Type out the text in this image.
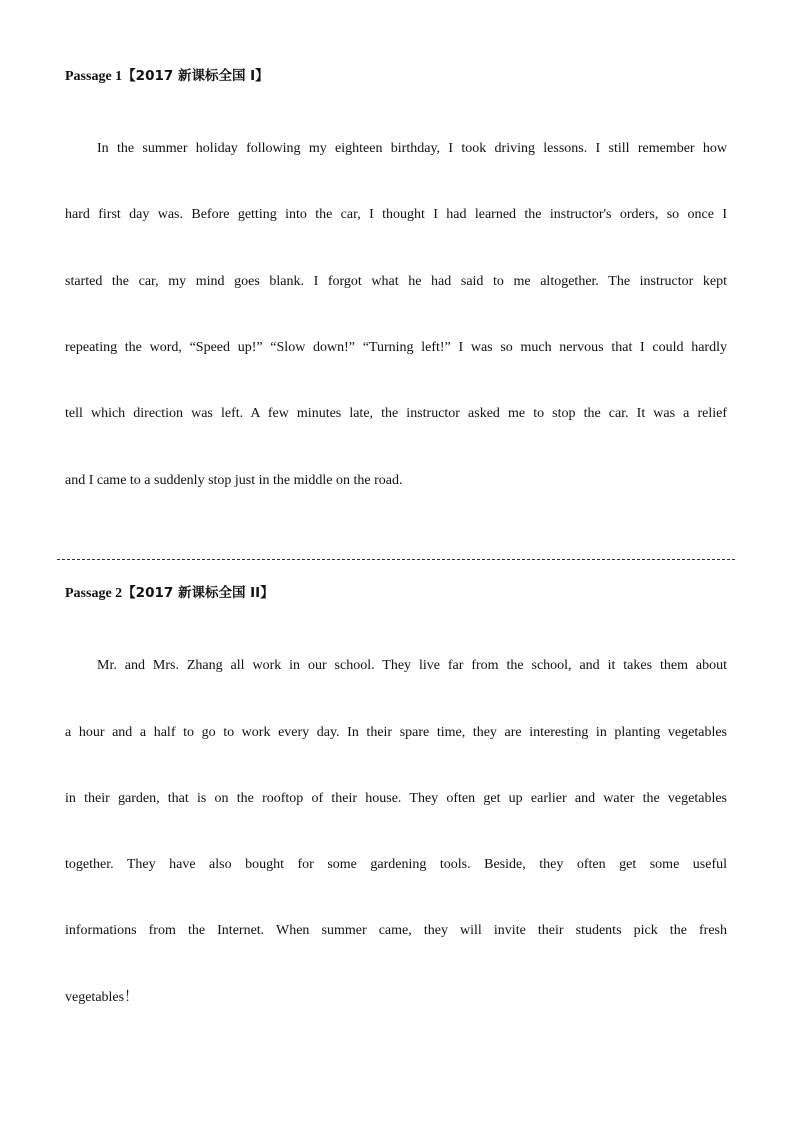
Passage 1【2017 新课标全国 I】
In the summer holiday following my eighteen birthday, I took driving lessons. I still remember how
hard first day was. Before getting into the car, I thought I had learned the instructor's orders, so once I
started the car, my mind goes blank. I forgot what he had said to me altogether. The instructor kept
repeating the word, “Speed up!” “Slow down!” “Turning left!” I was so much nervous that I could hardly
tell which direction was left. A few minutes late, the instructor asked me to stop the car. It was a relief
and I came to a suddenly stop just in the middle on the road.
Passage 2【2017 新课标全国 II】
Mr. and Mrs. Zhang all work in our school. They live far from the school, and it takes them about
a hour and a half to go to work every day. In their spare time, they are interesting in planting vegetables
in their garden, that is on the rooftop of their house. They often get up earlier and water the vegetables
together. They have also bought for some gardening tools. Beside, they often get some useful
informations from the Internet. When summer came, they will invite their students pick the fresh
vegetables！
